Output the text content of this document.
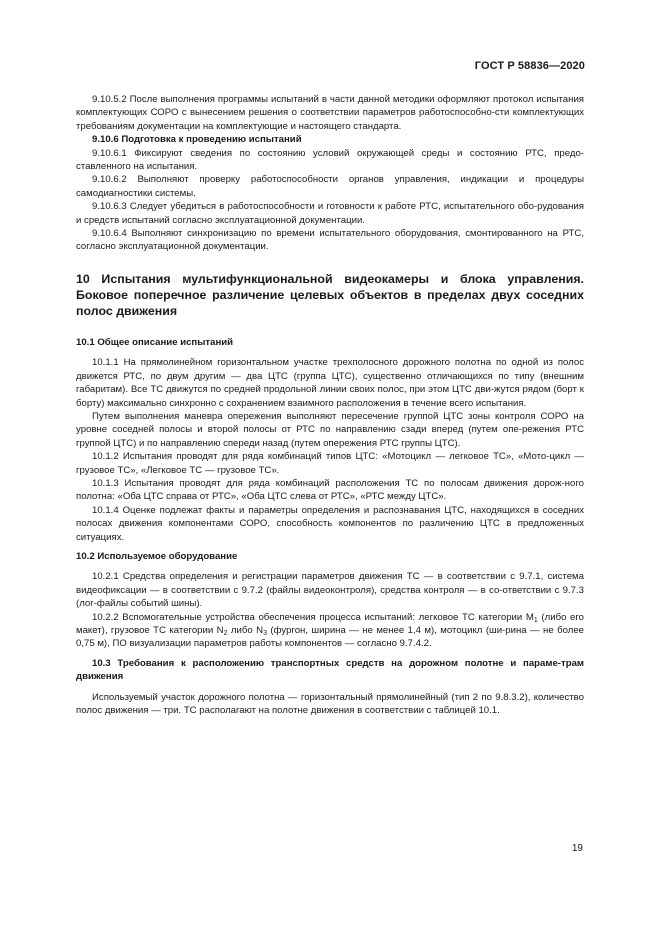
ГОСТ Р 58836—2020

9.10.5.2 После выполнения программы испытаний в части данной методики оформляют протокол испытания комплектующих СОРО с вынесением решения о соответствии параметров работоспособно-сти комплектующих требованиям документации на комплектующие и настоящего стандарта.

9.10.6 Подготовка к проведению испытаний

9.10.6.1 Фиксируют сведения по состоянию условий окружающей среды и состоянию РТС, предо-ставленного на испытания.

9.10.6.2 Выполняют проверку работоспособности органов управления, индикации и процедуры самодиагностики системы.

9.10.6.3 Следует убедиться в работоспособности и готовности к работе РТС, испытательного обо-рудования и средств испытаний согласно эксплуатационной документации.

9.10.6.4 Выполняют синхронизацию по времени испытательного оборудования, смонтированного на РТС, согласно эксплуатационной документации.

10 Испытания мультифункциональной видеокамеры и блока управления. Боковое поперечное различение целевых объектов в пределах двух соседних полос движения

10.1 Общее описание испытаний

10.1.1 На прямолинейном горизонтальном участке трехполосного дорожного полотна по одной из полос движется РТС, по двум другим — два ЦТС (группа ЦТС), существенно отличающихся по типу (внешним габаритам). Все ТС движутся по средней продольной линии своих полос, при этом ЦТС дви-жутся рядом (борт к борту) максимально синхронно с сохранением взаимного расположения в течение всего испытания.

Путем выполнения маневра опережения выполняют пересечение группой ЦТС зоны контроля СОРО на уровне соседней полосы и второй полосы от РТС по направлению сзади вперед (путем опе-режения РТС группой ЦТС) и по направлению спереди назад (путем опережения РТС группы ЦТС).

10.1.2 Испытания проводят для ряда комбинаций типов ЦТС: «Мотоцикл — легковое ТС», «Мото-цикл — грузовое ТС», «Легковое ТС — грузовое ТС».

10.1.3 Испытания проводят для ряда комбинаций расположения ТС по полосам движения дорож-ного полотна: «Оба ЦТС справа от РТС», «Оба ЦТС слева от РТС», «РТС между ЦТС».

10.1.4 Оценке подлежат факты и параметры определения и распознавания ЦТС, находящихся в соседних полосах движения компонентами СОРО, способность компонентов по различению ЦТС в предложенных ситуациях.

10.2 Используемое оборудование

10.2.1 Средства определения и регистрации параметров движения ТС — в соответствии с 9.7.1, система видеофиксации — в соответствии с 9.7.2 (файлы видеоконтроля), средства контроля — в со-ответствии с 9.7.3 (лог-файлы событий шины).

10.2.2 Вспомогательные устройства обеспечения процесса испытаний: легковое ТС категории $M_1$ (либо его макет), грузовое ТС категории $N_2$ либо $N_3$ (фургон, ширина — не менее 1,4 м), мотоцикл (ши-рина — не более 0,75 м), ПО визуализации параметров работы компонентов — согласно 9.7.4.2.

10.3 Требования к расположению транспортных средств на дорожном полотне и параме-трам движения

Используемый участок дорожного полотна — горизонтальный прямолинейный (тип 2 по 9.8.3.2), количество полос движения — три. ТС располагают на полотне движения в соответствии с таблицей 10.1.

19
